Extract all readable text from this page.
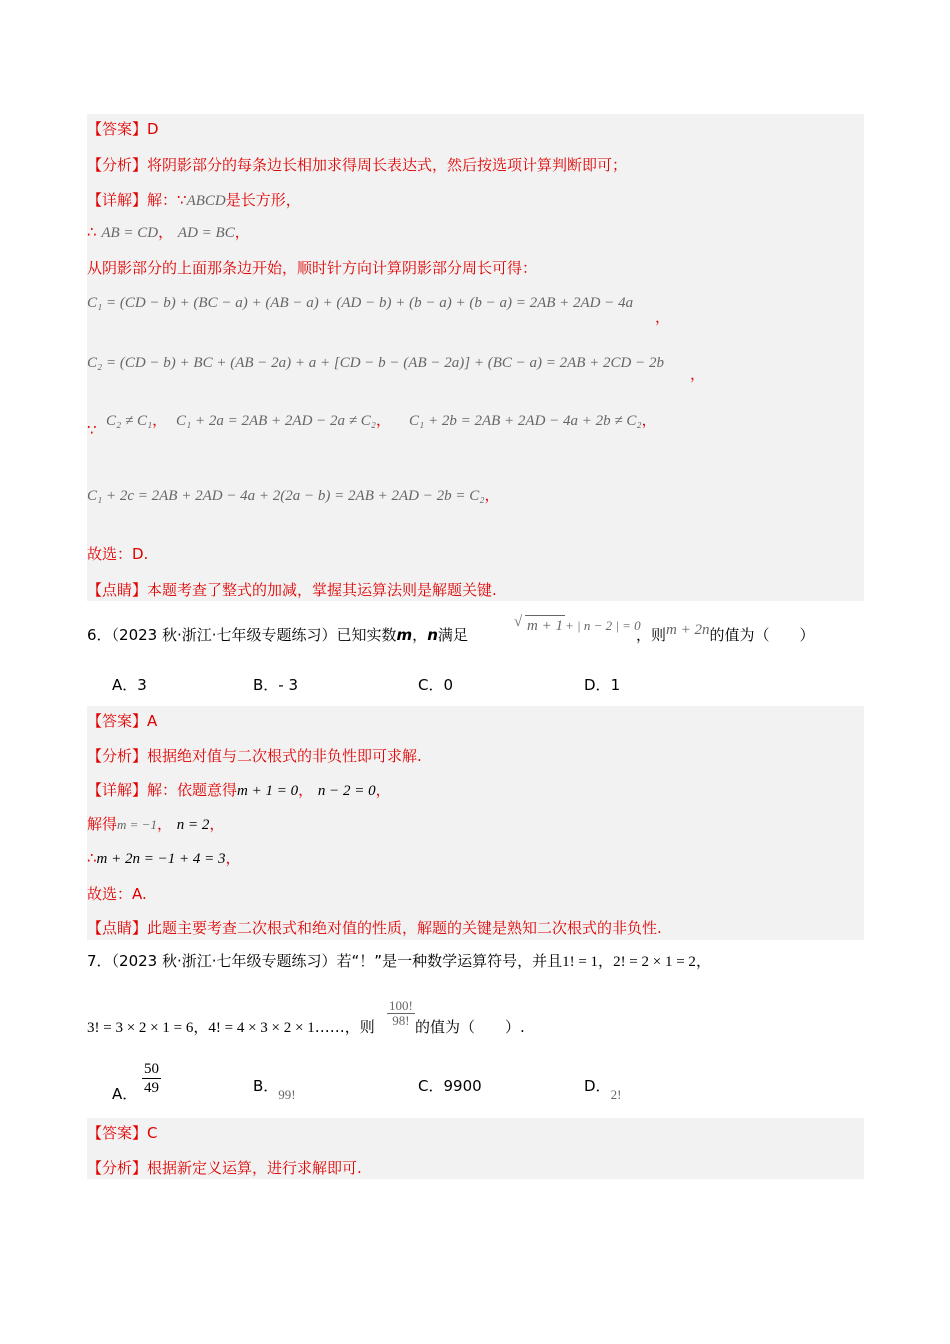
【答案】D
【分析】将阴影部分的每条边长相加求得周长表达式，然后按选项计算判断即可；
【详解】解：∵ABCD是长方形，
∴ AB = CD， AD = BC，
从阴影部分的上面那条边开始，顺时针方向计算阴影部分周长可得：
C₁ = (CD − b) + (BC − a) + (AB − a) + (AD − b) + (b − a) + (b − a) = 2AB + 2AD − 4a
，
C₂ = (CD − b) + BC + (AB − 2a) + a + [CD − b − (AB − 2a)] + (BC − a) = 2AB + 2CD − 2b
，
∵ C₂ ≠ C₁， C₁ + 2a = 2AB + 2AD − 2a ≠ C₂， C₁ + 2b = 2AB + 2AD − 4a + 2b ≠ C₂，
C₁ + 2c = 2AB + 2AD − 4a + 2(2a − b) = 2AB + 2AD − 2b = C₂，
故选：D.
【点睛】本题考查了整式的加减，掌握其运算法则是解题关键.
6．（2023 秋·浙江·七年级专题练习）已知实数m，n满足
√	m + 1 + | n − 2 | = 0
，则m + 2n的值为（　　）
A．3	B．- 3	C．0	D．1
【答案】A
【分析】根据绝对值与二次根式的非负性即可求解.
【详解】解：依题意得m + 1 = 0， n − 2 = 0，
解得m = −1， n = 2，
∴m + 2n = −1 + 4 = 3，
故选：A.
【点睛】此题主要考查二次根式和绝对值的性质，解题的关键是熟知二次根式的非负性.
7．（2023 秋·浙江·七年级专题练习）若“！”是一种数学运算符号，并且1! = 1，2! = 2 × 1 = 2，
3! = 3 × 2 × 1 = 6，4! = 4 × 3 × 2 × 1……，则 $\frac{100!}{98!}$ 的值为（　　）.
A． $\frac{50}{49}$	B．99!	C．9900	D．2!
【答案】C
【分析】根据新定义运算，进行求解即可.
